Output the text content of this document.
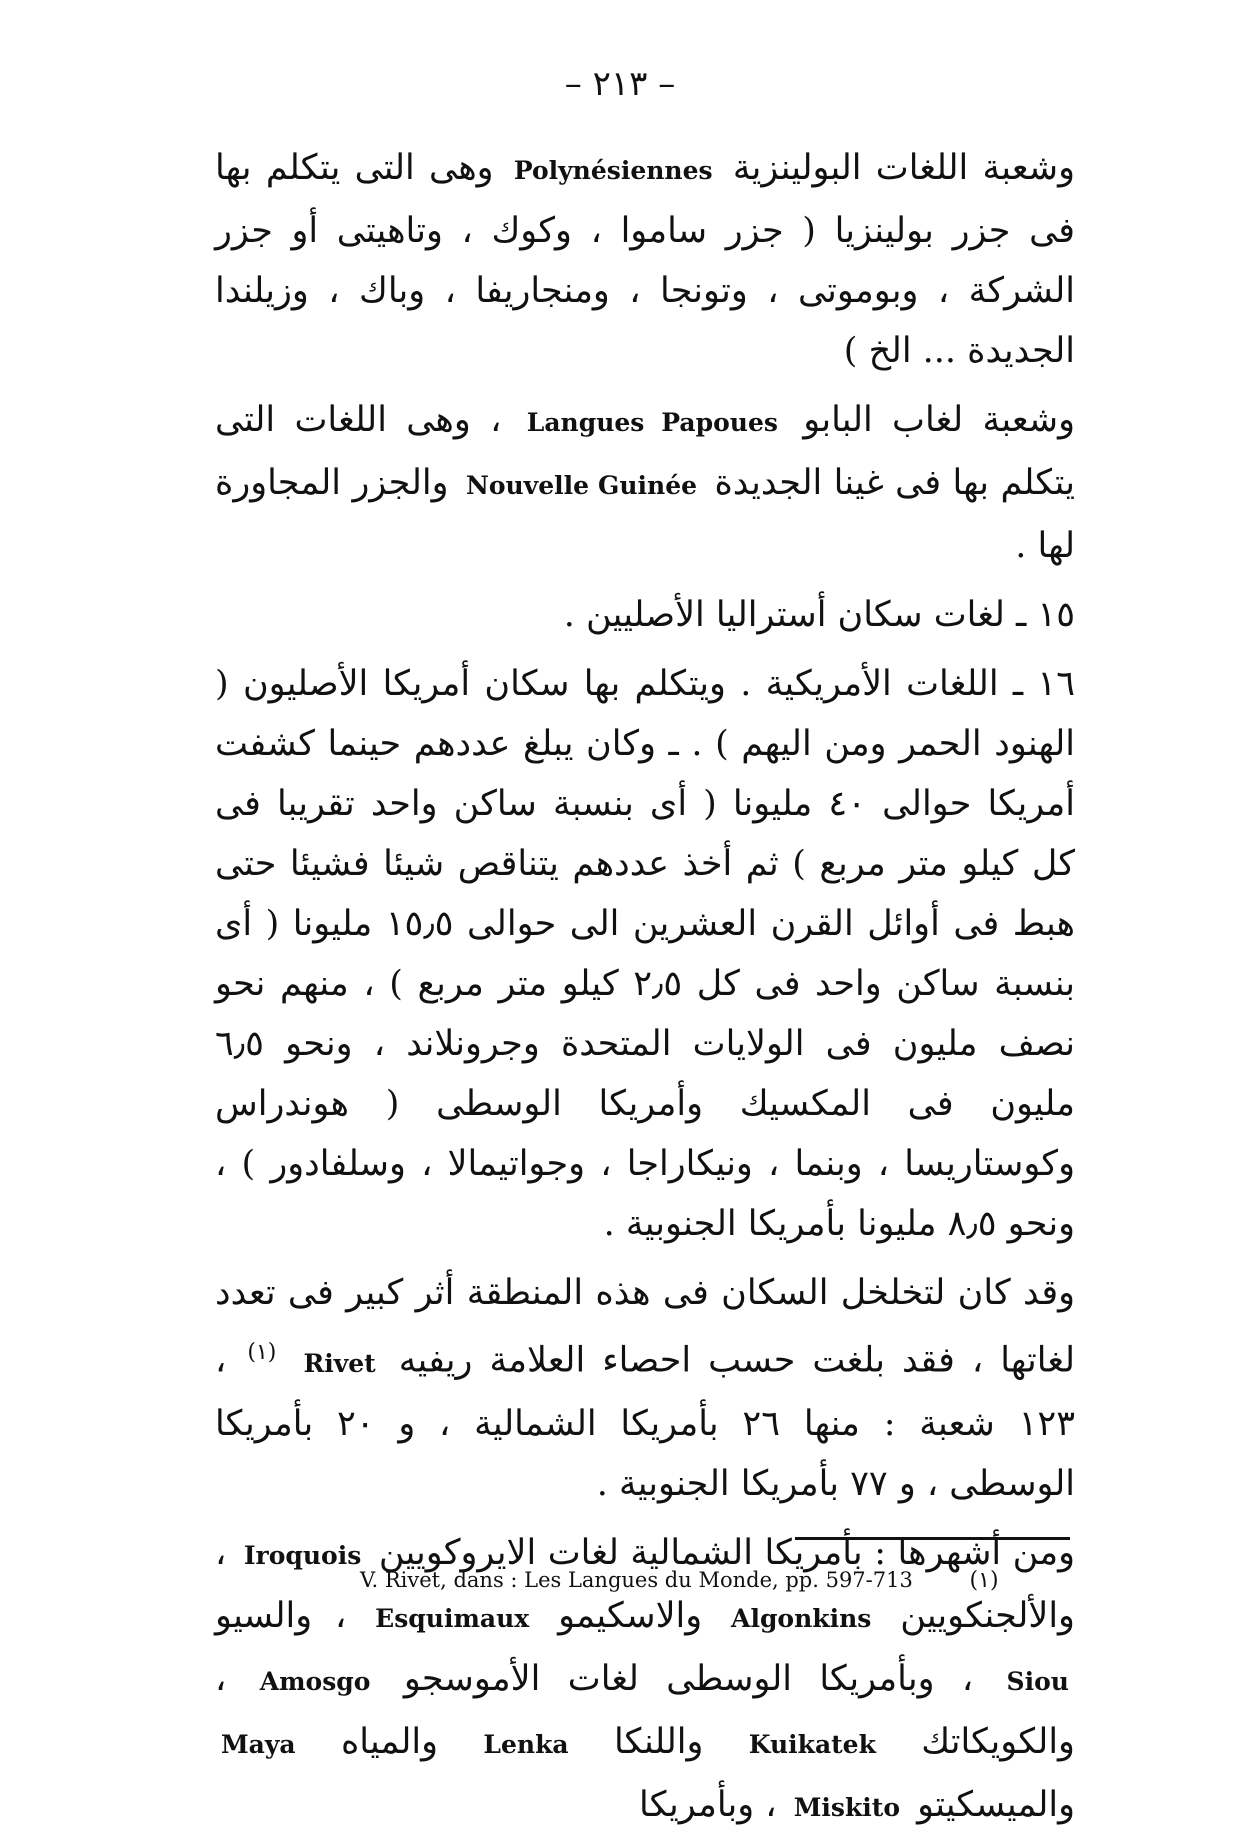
– ٢١٣ –

وشعبة اللغات البولينزية Polynésiennes وهى التى يتكلم بها فى جزر بولينزيا ( جزر ساموا ، وكوك ، وتاهيتى أو جزر الشركة ، وبوموتى ، وتونجا ، ومنجاريفا ، وباك ، وزيلندا الجديدة ... الخ )

وشعبة لغاب البابو Langues Papoues ، وهى اللغات التى يتكلم بها فى غينا الجديدة Nouvelle Guinée والجزر المجاورة لها .

١٥ ـ لغات سكان أستراليا الأصليين .

١٦ ـ اللغات الأمريكية . ويتكلم بها سكان أمريكا الأصليون ( الهنود الحمر ومن اليهم ) . ـ وكان يبلغ عددهم حينما كشفت أمريكا حوالى ٤٠ مليونا ( أى بنسبة ساكن واحد تقريبا فى كل كيلو متر مربع ) ثم أخذ عددهم يتناقص شيئا فشيئا حتى هبط فى أوائل القرن العشرين الى حوالى ١٥٫٥ مليونا ( أى بنسبة ساكن واحد فى كل ٢٫٥ كيلو متر مربع ) ، منهم نحو نصف مليون فى الولايات المتحدة وجرونلاند ، ونحو ٦٫٥ مليون فى المكسيك وأمريكا الوسطى ( هوندراس وكوستاريسا ، وبنما ، ونيكاراجا ، وجواتيمالا ، وسلفادور ) ، ونحو ٨٫٥ مليونا بأمريكا الجنوبية .

وقد كان لتخلخل السكان فى هذه المنطقة أثر كبير فى تعدد لغاتها ، فقد بلغت حسب احصاء العلامة ريفيه Rivet $^{(١)}$ ، ١٢٣ شعبة : منها ٢٦ بأمريكا الشمالية ، و ٢٠ بأمريكا الوسطى ، و ٧٧ بأمريكا الجنوبية .

ومن أشهرها : بأمريكا الشمالية لغات الايروكويين Iroquois ، والألجنكويين Algonkins والاسكيمو Esquimaux ، والسيو Siou ، وبأمريكا الوسطى لغات الأموسجو Amosgo ، والكويكاتك Kuikatek واللنكا Lenka والمياه Maya والميسكيتو Miskito ، وبأمريكا

V. Rivet, dans : Les Langues du Monde, pp. 597-713	(١)
